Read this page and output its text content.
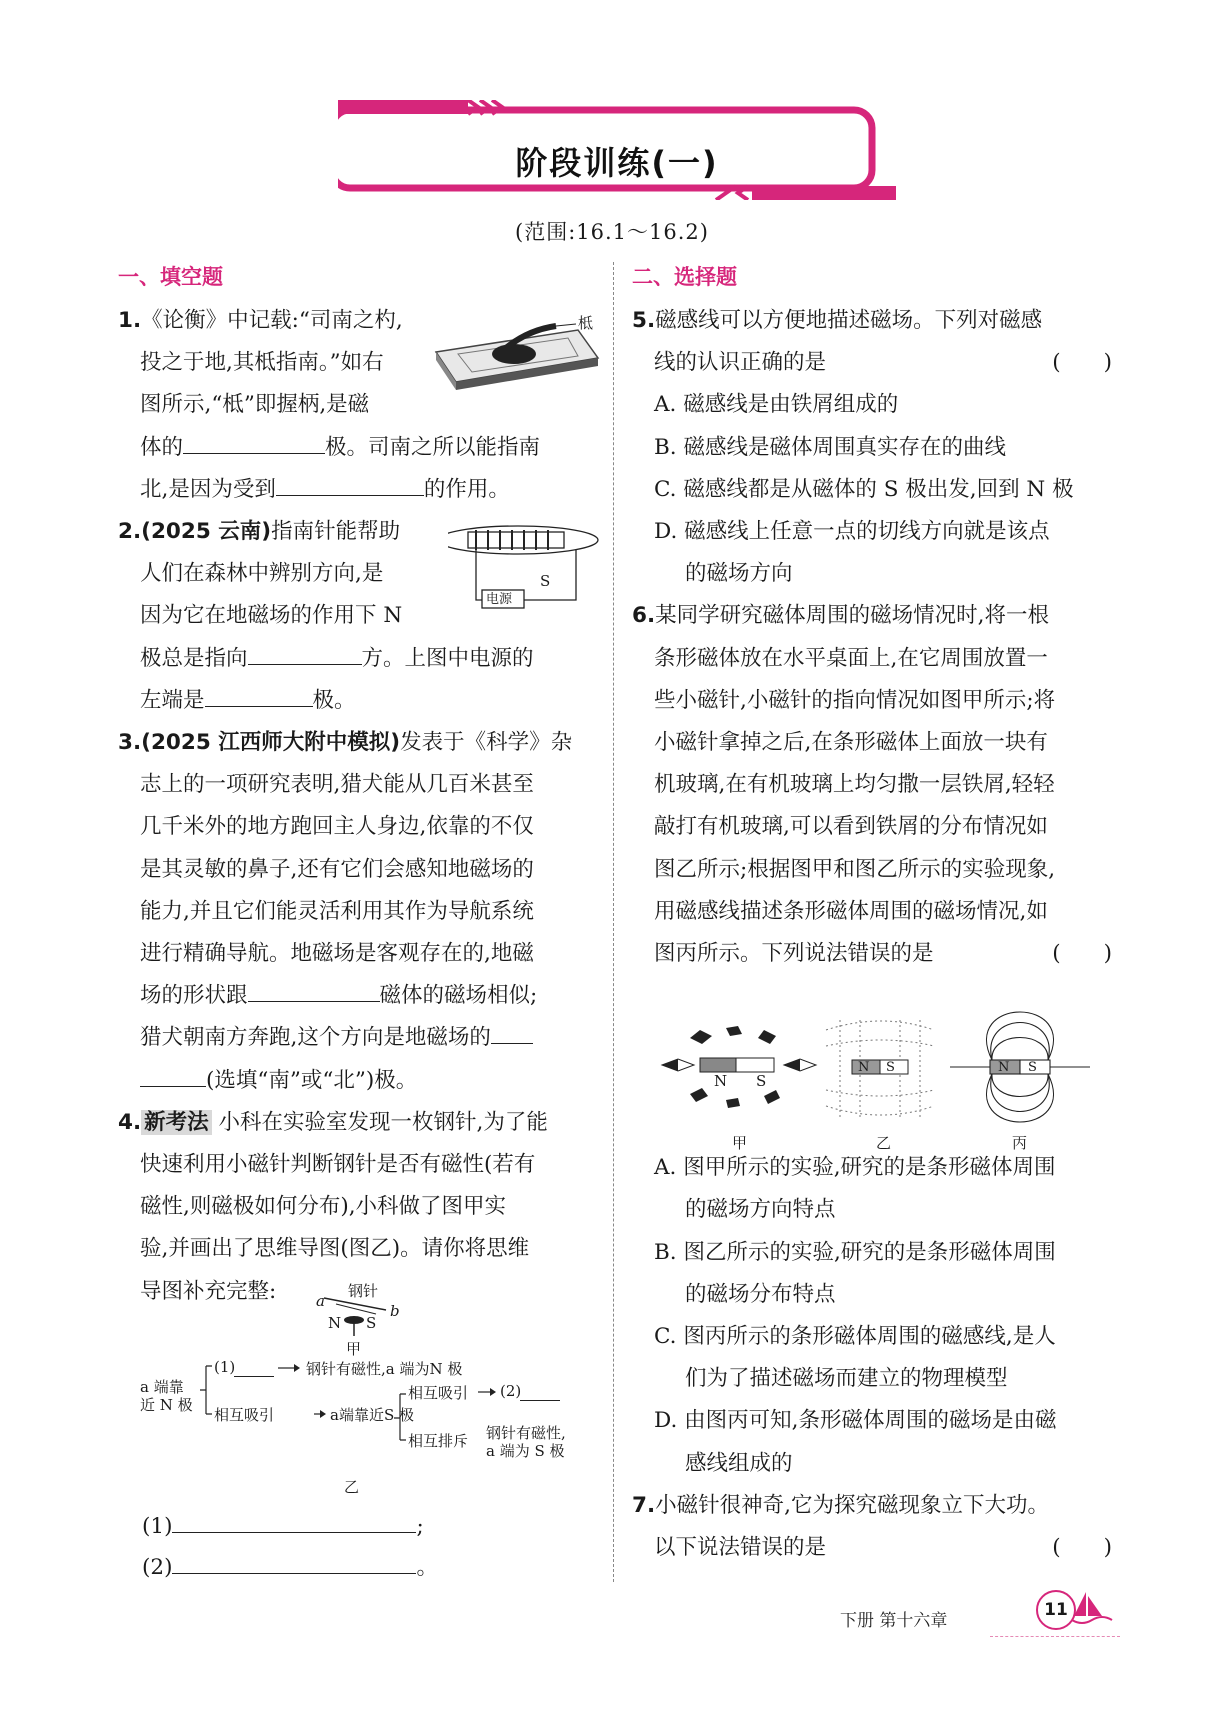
阶段训练(一)
(范围:16.1～16.2)
一、填空题
1.《论衡》中记载:“司南之杓,
投之于地,其柢指南。”如右
图所示,“柢”即握柄,是磁
体的	极。司南之所以能指南
北,是因为受到	的作用。
2.(2025 云南)指南针能帮助
人们在森林中辨别方向,是
因为它在地磁场的作用下 N
极总是指向	方。上图中电源的
左端是	极。
3.(2025 江西师大附中模拟)发表于《科学》杂
志上的一项研究表明,猎犬能从几百米甚至
几千米外的地方跑回主人身边,依靠的不仅
是其灵敏的鼻子,还有它们会感知地磁场的
能力,并且它们能灵活利用其作为导航系统
进行精确导航。地磁场是客观存在的,地磁
场的形状跟	磁体的磁场相似;
猎犬朝南方奔跑,这个方向是地磁场的
(选填“南”或“北”)极。
4. 新考法 小科在实验室发现一枚钢针,为了能
快速利用小磁针判断钢针是否有磁性(若有
磁性,则磁极如何分布),小科做了图甲实
验,并画出了思维导图(图乙)。请你将思维
导图补充完整:
柢
电源
S
钢针
a
b
N S
甲
a 端靠
近 N 极
(1)	钢针有磁性,a 端为N 极
相互吸引	a端靠近S 极
相互吸引 (2)
相互排斥 钢针有磁性,
a 端为 S 极
乙
(1)	;
(2)	。
二、选择题
5.磁感线可以方便地描述磁场。下列对磁感
线的认识正确的是	(　　)
A. 磁感线是由铁屑组成的
B. 磁感线是磁体周围真实存在的曲线
C. 磁感线都是从磁体的 S 极出发,回到 N 极
D. 磁感线上任意一点的切线方向就是该点
的磁场方向
6.某同学研究磁体周围的磁场情况时,将一根
条形磁体放在水平桌面上,在它周围放置一
些小磁针,小磁针的指向情况如图甲所示;将
小磁针拿掉之后,在条形磁体上面放一块有
机玻璃,在有机玻璃上均匀撒一层铁屑,轻轻
敲打有机玻璃,可以看到铁屑的分布情况如
图乙所示;根据图甲和图乙所示的实验现象,
用磁感线描述条形磁体周围的磁场情况,如
图丙所示。下列说法错误的是	(　　)
A. 图甲所示的实验,研究的是条形磁体周围
的磁场方向特点
B. 图乙所示的实验,研究的是条形磁体周围
的磁场分布特点
C. 图丙所示的条形磁体周围的磁感线,是人
们为了描述磁场而建立的物理模型
D. 由图丙可知,条形磁体周围的磁场是由磁
感线组成的
7.小磁针很神奇,它为探究磁现象立下大功。
以下说法错误的是	(　　)
N S
N S	N S
甲	乙	丙
下册 第十六章
11
